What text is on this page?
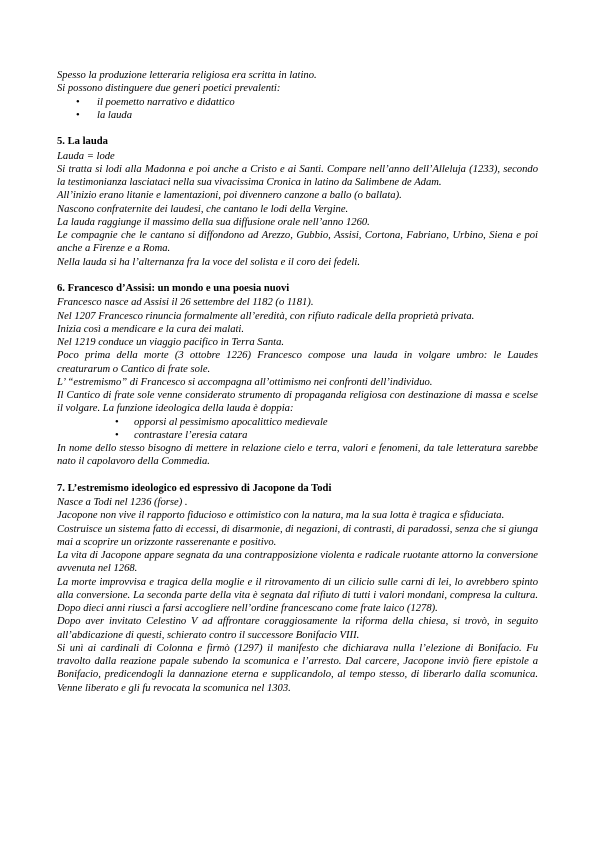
Spesso la produzione letteraria religiosa era scritta in latino.

Si possono distinguere due generi poetici prevalenti:

• il poemetto narrativo e didattico
• la lauda
5. La lauda

Lauda = lode

Si tratta si lodi alla Madonna e poi anche a Cristo e ai Santi. Compare nell’anno dell’Alleluja (1233), secondo la testimonianza lasciataci nella sua vivacissima Cronica in latino da Salimbene de Adam.

All’inizio erano litanie e lamentazioni, poi divennero canzone a ballo (o ballata).

Nascono confraternite dei laudesi, che cantano le lodi della Vergine.

La lauda raggiunge il massimo della sua diffusione orale nell’anno 1260.

Le compagnie che le cantano si diffondono ad Arezzo, Gubbio, Assisi, Cortona, Fabriano, Urbino, Siena e poi anche a Firenze e a Roma.

Nella lauda si ha l’alternanza fra la voce del solista e il coro dei fedeli.

6. Francesco d’Assisi: un mondo e una poesia nuovi

Francesco nasce ad Assisi il 26 settembre del 1182 (o 1181).

Nel 1207 Francesco rinuncia formalmente all’eredità, con rifiuto radicale della proprietà privata.

Inizia così a mendicare e la cura dei malati.

Nel 1219 conduce un viaggio pacifico in Terra Santa.

Poco prima della morte (3 ottobre 1226) Francesco compose una lauda in volgare umbro: le Laudes creaturarum o Cantico di frate sole.

L’ “estremismo” di Francesco si accompagna all’ottimismo nei confronti dell’individuo.

Il Cantico di frate sole venne considerato strumento di propaganda religiosa con destinazione di massa e scelse il volgare. La funzione ideologica della lauda è doppia:

• opporsi al pessimismo apocalittico medievale
• contrastare l’eresia catara

In nome dello stesso bisogno di mettere in relazione cielo e terra, valori e fenomeni, da tale letteratura sarebbe nato il capolavoro della Commedia.

7. L’estremismo ideologico ed espressivo di Jacopone da Todi

Nasce a Todi nel 1236 (forse) .

Jacopone non vive il rapporto fiducioso e ottimistico con la natura, ma la sua lotta è tragica e sfiduciata.

Costruisce un sistema fatto di eccessi, di disarmonie, di negazioni, di contrasti, di paradossi, senza che si giunga mai a scoprire un orizzonte rasserenante e positivo.

La vita di Jacopone appare segnata da una contrapposizione violenta e radicale ruotante attorno la conversione avvenuta nel 1268.

La morte improvvisa e tragica della moglie e il ritrovamento di un cilicio sulle carni di lei, lo avrebbero spinto alla conversione. La seconda parte della vita è segnata dal rifiuto di tutti i valori mondani, compresa la cultura. Dopo dieci anni riuscì a farsi accogliere nell’ordine francescano come frate laico (1278).

Dopo aver invitato Celestino V ad affrontare coraggiosamente la riforma della chiesa, si trovò, in seguito all’abdicazione di questi, schierato contro il successore Bonifacio VIII.

Si unì ai cardinali di Colonna e firmò (1297) il manifesto che dichiarava nulla l’elezione di Bonifacio. Fu travolto dalla reazione papale subendo la scomunica e l’arresto. Dal carcere, Jacopone inviò fiere epistole a Bonifacio, predicendogli la dannazione eterna e supplicandolo, al tempo stesso, di liberarlo dalla scomunica. Venne liberato e gli fu revocata la scomunica nel 1303.
